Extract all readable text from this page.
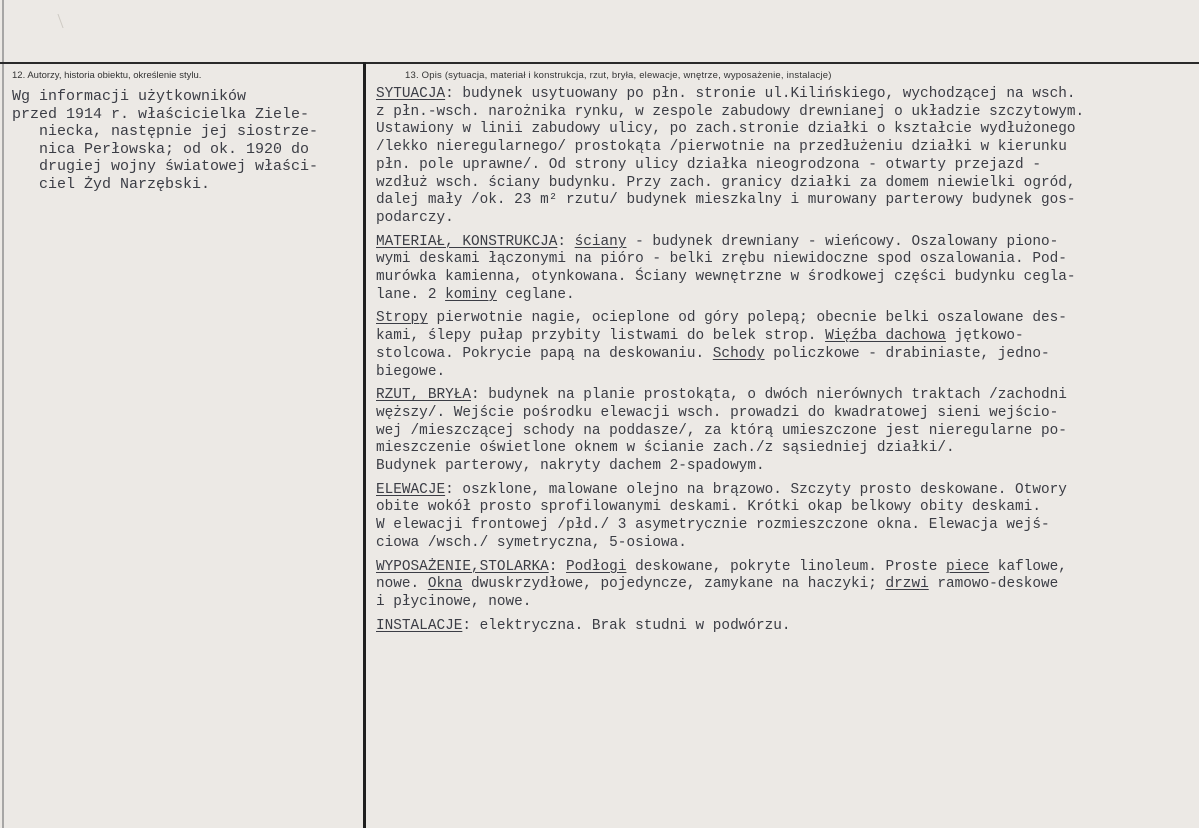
12. Autorzy, historia obiektu, określenie stylu.	13. Opis (sytuacja, materiał i konstrukcja, rzut, bryła, elewacje, wnętrze, wyposażenie, instalacje)
Wg informacji użytkowników
przed 1914 r. właścicielka Ziele-
niecka, następnie jej siostrze-
nica Perłowska; od ok. 1920 do
drugiej wojny światowej właści-
ciel Żyd Narzębski.
SYTUACJA: budynek usytuowany po płn. stronie ul.Kilińskiego, wychodzącej na wsch.
z płn.-wsch. narożnika rynku, w zespole zabudowy drewnianej o układzie szczytowym.
Ustawiony w linii zabudowy ulicy, po zach.stronie działki o kształcie wydłużonego
/lekko nieregularnego/ prostokąta /pierwotnie na przedłużeniu działki w kierunku
płn. pole uprawne/. Od strony ulicy działka nieogrodzona - otwarty przejazd -
wzdłuż wsch. ściany budynku. Przy zach. granicy działki za domem niewielki ogród,
dalej mały /ok. 23 m² rzutu/ budynek mieszkalny i murowany parterowy budynek gos-
podarczy.
MATERIAŁ, KONSTRUKCJA: ściany - budynek drewniany - wieńcowy. Oszalowany piono-
wymi deskami łączonymi na pióro - belki zrębu niewidoczne spod oszalowania. Pod-
murówka kamienna, otynkowana. Ściany wewnętrzne w środkowej części budynku cegla-
lane. 2 kominy ceglane.
Stropy pierwotnie nagie, ocieplone od góry polepą; obecnie belki oszalowane des-
kami, ślepy pułap przybity listwami do belek strop. Więźba dachowa jętkowo-
stolcowa. Pokrycie papą na deskowaniu. Schody policzkowe - drabiniaste, jedno-
biegowe.
RZUT, BRYŁA: budynek na planie prostokąta, o dwóch nierównych traktach /zachodni
węższy/. Wejście pośrodku elewacji wsch. prowadzi do kwadratowej sieni wejścio-
wej /mieszczącej schody na poddasze/, za którą umieszczone jest nieregularne po-
mieszczenie oświetlone oknem w ścianie zach./z sąsiedniej działki/.
Budynek parterowy, nakryty dachem 2-spadowym.
ELEWACJE: oszklone, malowane olejno na brązowo. Szczyty prosto deskowane. Otwory
obite wokół prosto sprofilowanymi deskami. Krótki okap belkowy obity deskami.
W elewacji frontowej /płd./ 3 asymetrycznie rozmieszczone okna. Elewacja wejś-
ciowa /wsch./ symetryczna, 5-osiowa.
WYPOSAŻENIE,STOLARKA: Podłogi deskowane, pokryte linoleum. Proste piece kaflowe,
nowe. Okna dwuskrzydłowe, pojedyncze, zamykane na haczyki; drzwi ramowo-deskowe
i płycinowe, nowe.
INSTALACJE: elektryczna. Brak studni w podwórzu.
